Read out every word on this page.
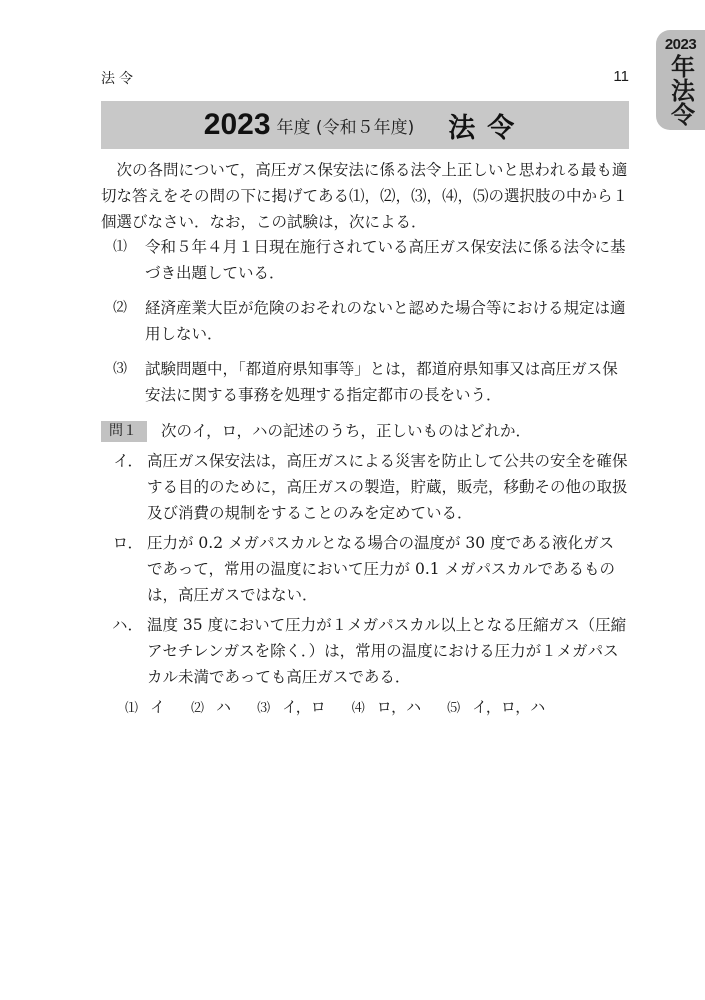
2023
年法令
法令	11
2023 年度 (令和５年度) 法令

次の各問について，高圧ガス保安法に係る法令上正しいと思われる最も適切な答えをその問の下に掲げてある⑴，⑵，⑶，⑷，⑸の選択肢の中から１個選びなさい．なお，この試験は，次による．

⑴	令和５年４月１日現在施行されている高圧ガス保安法に係る法令に基づき出題している．
⑵	経済産業大臣が危険のおそれのないと認めた場合等における規定は適用しない．
⑶	試験問題中，「都道府県知事等」とは，都道府県知事又は高圧ガス保安法に関する事務を処理する指定都市の長をいう．
問１	次のイ，ロ，ハの記述のうち，正しいものはどれか．
イ． 高圧ガス保安法は，高圧ガスによる災害を防止して公共の安全を確保する目的のために，高圧ガスの製造，貯蔵，販売，移動その他の取扱及び消費の規制をすることのみを定めている．
ロ． 圧力が 0.2 メガパスカルとなる場合の温度が 30 度である液化ガスであって，常用の温度において圧力が 0.1 メガパスカルであるものは，高圧ガスではない．
ハ． 温度 35 度において圧力が１メガパスカル以上となる圧縮ガス（圧縮アセチレンガスを除く．）は，常用の温度における圧力が１メガパスカル未満であっても高圧ガスである．
⑴ イ ⑵ ハ ⑶ イ，ロ ⑷ ロ，ハ ⑸ イ，ロ，ハ
